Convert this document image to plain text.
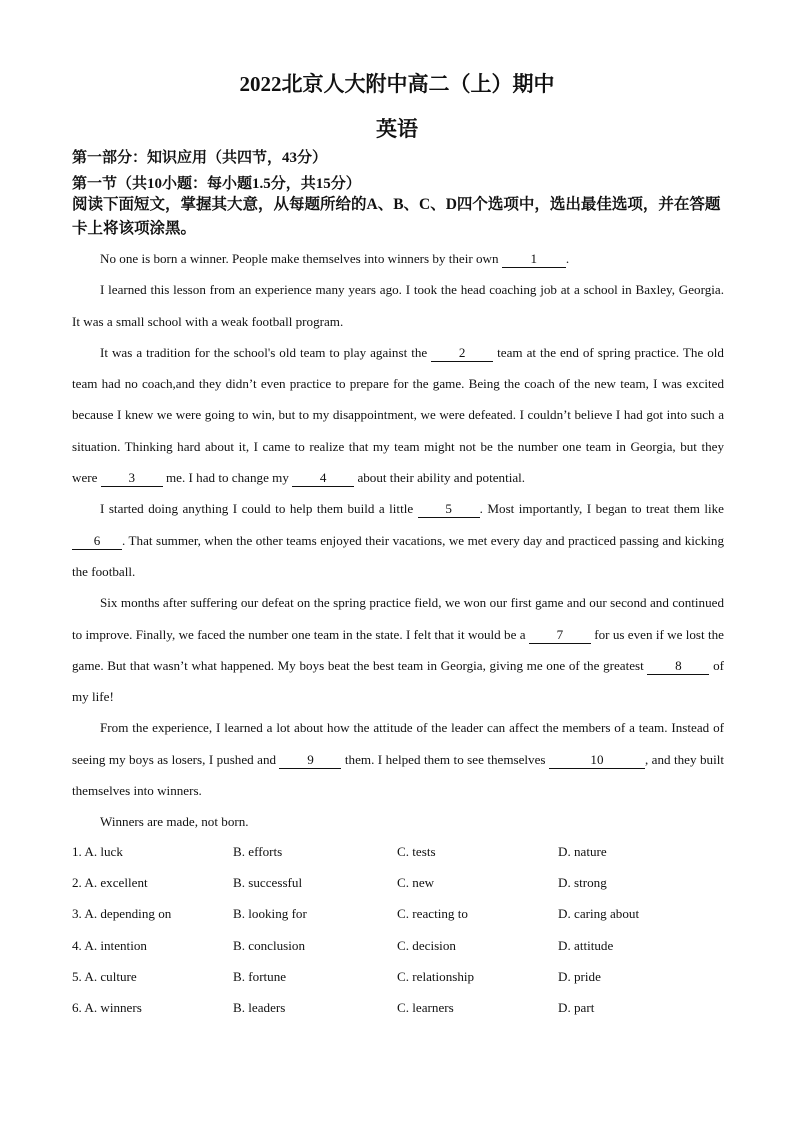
2022北京人大附中高二（上）期中
英语
第一部分：知识应用（共四节，43分）
第一节（共10小题：每小题1.5分，共15分）
阅读下面短文，掌握其大意，从每题所给的A、B、C、D四个选项中，选出最佳选项，并在答题卡上将该项涂黑。

No one is born a winner. People make themselves into winners by their own 1 .

I learned this lesson from an experience many years ago. I took the head coaching job at a school in Baxley, Georgia. It was a small school with a weak football program.

It was a tradition for the school's old team to play against the 2 team at the end of spring practice. The old team had no coach,and they didn’t even practice to prepare for the game. Being the coach of the new team, I was excited because I knew we were going to win, but to my disappointment, we were defeated. I couldn’t believe I had got into such a situation. Thinking hard about it, I came to realize that my team might not be the number one team in Georgia, but they were 3 me. I had to change my 4 about their ability and potential.

I started doing anything I could to help them build a little 5 . Most importantly, I began to treat them like 6 . That summer, when the other teams enjoyed their vacations, we met every day and practiced passing and kicking the football.

Six months after suffering our defeat on the spring practice field, we won our first game and our second and continued to improve. Finally, we faced the number one team in the state. I felt that it would be a 7 for us even if we lost the game. But that wasn’t what happened. My boys beat the best team in Georgia, giving me one of the greatest 8 of my life!

From the experience, I learned a lot about how the attitude of the leader can affect the members of a team. Instead of seeing my boys as losers, I pushed and 9 them. I helped them to see themselves	10	, and they built themselves into winners.

Winners are made, not born.

1. A. luck	B. efforts	C. tests	D. nature
2. A. excellent	B. successful	C. new	D. strong
3. A. depending on	B. looking for	C. reacting to	D. caring about
4. A. intention	B. conclusion	C. decision	D. attitude
5. A. culture	B. fortune	C. relationship	D. pride
6. A. winners	B. leaders	C. learners	D. part
